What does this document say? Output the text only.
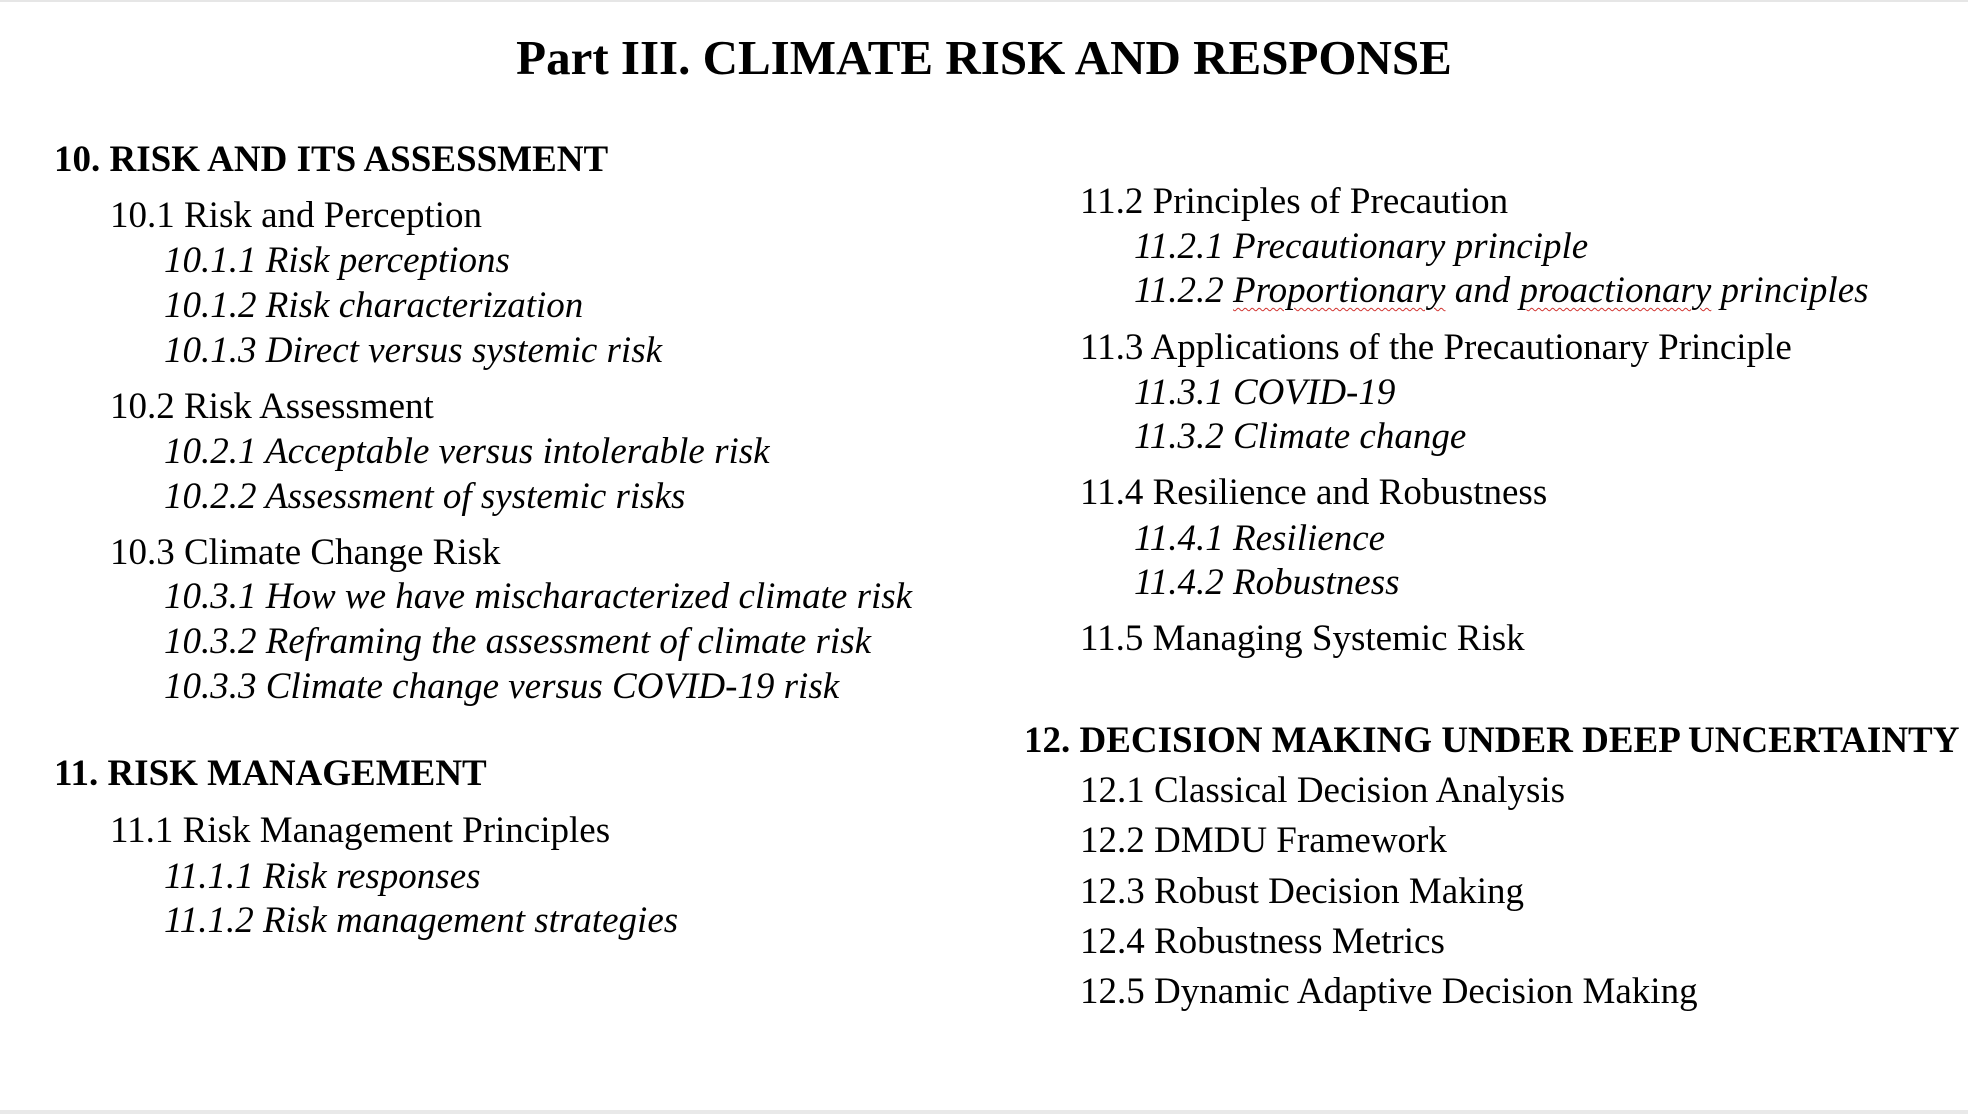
Part III. CLIMATE RISK AND RESPONSE
10. RISK AND ITS ASSESSMENT
10.1 Risk and Perception
10.1.1 Risk perceptions
10.1.2 Risk characterization
10.1.3 Direct versus systemic risk
10.2 Risk Assessment
10.2.1 Acceptable versus intolerable risk
10.2.2 Assessment of systemic risks
10.3 Climate Change Risk
10.3.1 How we have mischaracterized climate risk
10.3.2 Reframing the assessment of climate risk
10.3.3 Climate change versus COVID-19 risk
11. RISK MANAGEMENT
11.1 Risk Management Principles
11.1.1 Risk responses
11.1.2 Risk management strategies
11.2 Principles of Precaution
11.2.1 Precautionary principle
11.2.2 Proportionary and proactionary principles
11.3 Applications of the Precautionary Principle
11.3.1 COVID-19
11.3.2 Climate change
11.4 Resilience and Robustness
11.4.1 Resilience
11.4.2 Robustness
11.5 Managing Systemic Risk
12. DECISION MAKING UNDER DEEP UNCERTAINTY
12.1 Classical Decision Analysis
12.2 DMDU Framework
12.3 Robust Decision Making
12.4 Robustness Metrics
12.5 Dynamic Adaptive Decision Making
